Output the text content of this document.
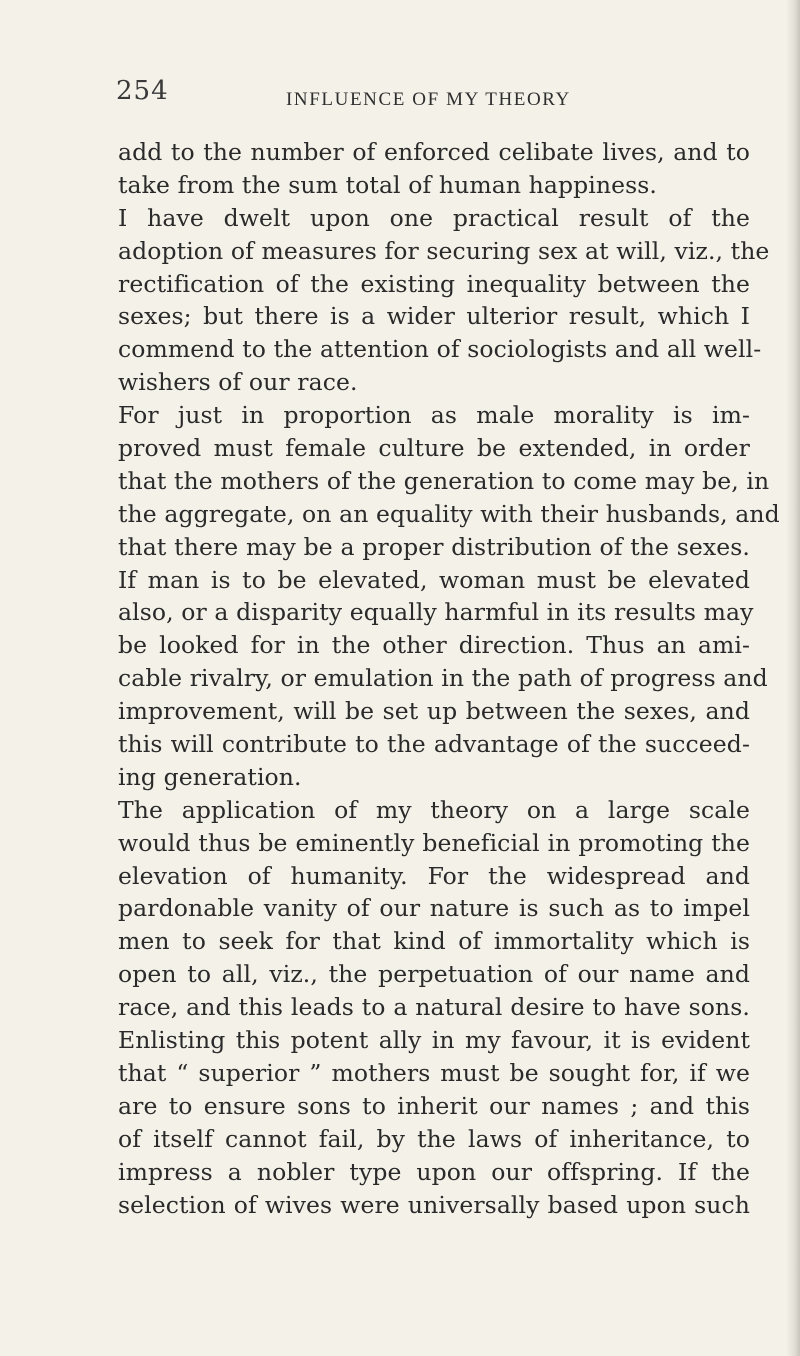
254	INFLUENCE OF MY THEORY
add to the number of enforced celibate lives, and to
take from the sum total of human happiness.
I have dwelt upon one practical result of the
adoption of measures for securing sex at will, viz., the
rectification of the existing inequality between the
sexes; but there is a wider ulterior result, which I
commend to the attention of sociologists and all well-
wishers of our race.
For just in proportion as male morality is im-
proved must female culture be extended, in order
that the mothers of the generation to come may be, in
the aggregate, on an equality with their husbands, and
that there may be a proper distribution of the sexes.
If man is to be elevated, woman must be elevated
also, or a disparity equally harmful in its results may
be looked for in the other direction. Thus an ami-
cable rivalry, or emulation in the path of progress and
improvement, will be set up between the sexes, and
this will contribute to the advantage of the succeed-
ing generation.
The application of my theory on a large scale
would thus be eminently beneficial in promoting the
elevation of humanity. For the widespread and
pardonable vanity of our nature is such as to impel
men to seek for that kind of immortality which is
open to all, viz., the perpetuation of our name and
race, and this leads to a natural desire to have sons.
Enlisting this potent ally in my favour, it is evident
that “ superior ” mothers must be sought for, if we
are to ensure sons to inherit our names ; and this
of itself cannot fail, by the laws of inheritance, to
impress a nobler type upon our offspring. If the
selection of wives were universally based upon such
